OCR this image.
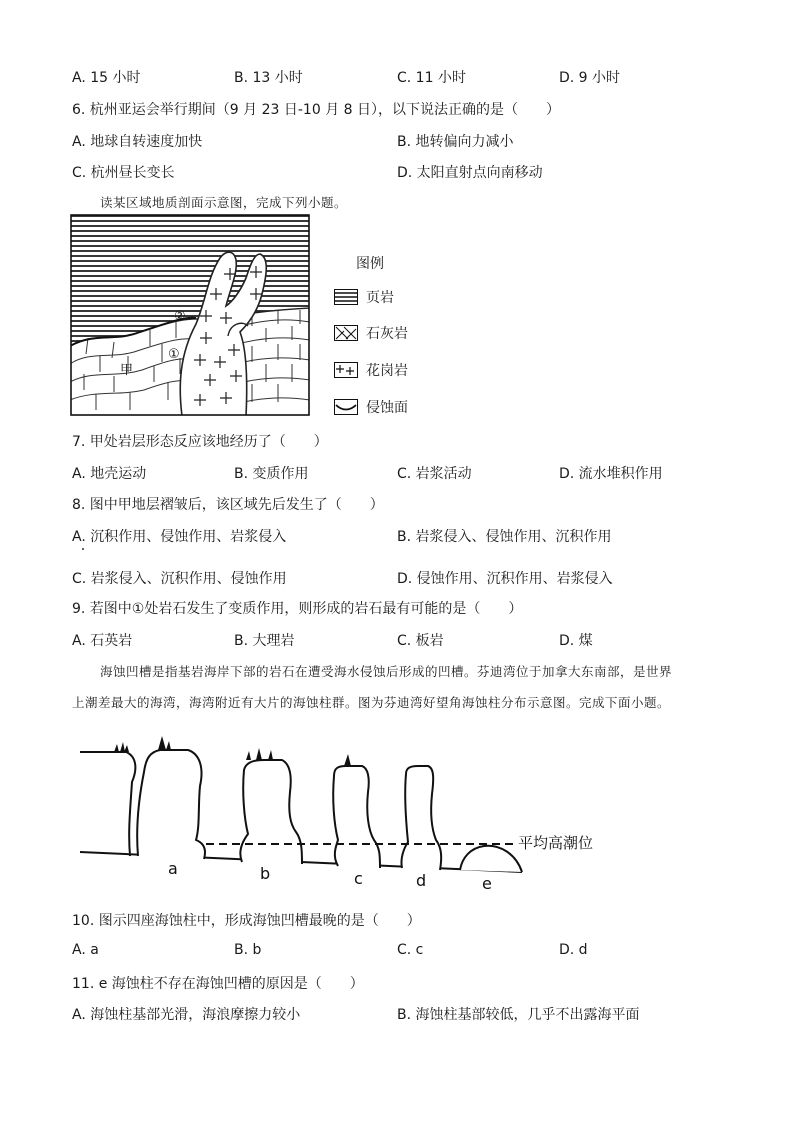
A. 15 小时	B. 13 小时	C. 11 小时	D. 9 小时
6. 杭州亚运会举行期间（9 月 23 日-10 月 8 日），以下说法正确的是（　　）
A. 地球自转速度加快	B. 地转偏向力减小
C. 杭州昼长变长	D. 太阳直射点向南移动
读某区域地质剖面示意图，完成下列小题。
甲
①
②
图例
页岩
石灰岩
花岗岩
侵蚀面
7. 甲处岩层形态反应该地经历了（　　）
A. 地壳运动	B. 变质作用	C. 岩浆活动	D. 流水堆积作用
8. 图中甲地层褶皱后，该区域先后发生了（　　）
A. 沉积作用、侵蚀作用、岩浆侵入	B. 岩浆侵入、侵蚀作用、沉积作用
C. 岩浆侵入、沉积作用、侵蚀作用	D. 侵蚀作用、沉积作用、岩浆侵入
9. 若图中①处岩石发生了变质作用，则形成的岩石最有可能的是（　　）
A. 石英岩	B. 大理岩	C. 板岩	D. 煤
海蚀凹槽是指基岩海岸下部的岩石在遭受海水侵蚀后形成的凹槽。芬迪湾位于加拿大东南部，是世界
上潮差最大的海湾，海湾附近有大片的海蚀柱群。图为芬迪湾好望角海蚀柱分布示意图。完成下面小题。
平均高潮位
a	b	c	d	e
10. 图示四座海蚀柱中，形成海蚀凹槽最晚的是（　　）
A. a	B. b	C. c	D. d
11. e 海蚀柱不存在海蚀凹槽的原因是（　　）
A. 海蚀柱基部光滑，海浪摩擦力较小	B. 海蚀柱基部较低，几乎不出露海平面
